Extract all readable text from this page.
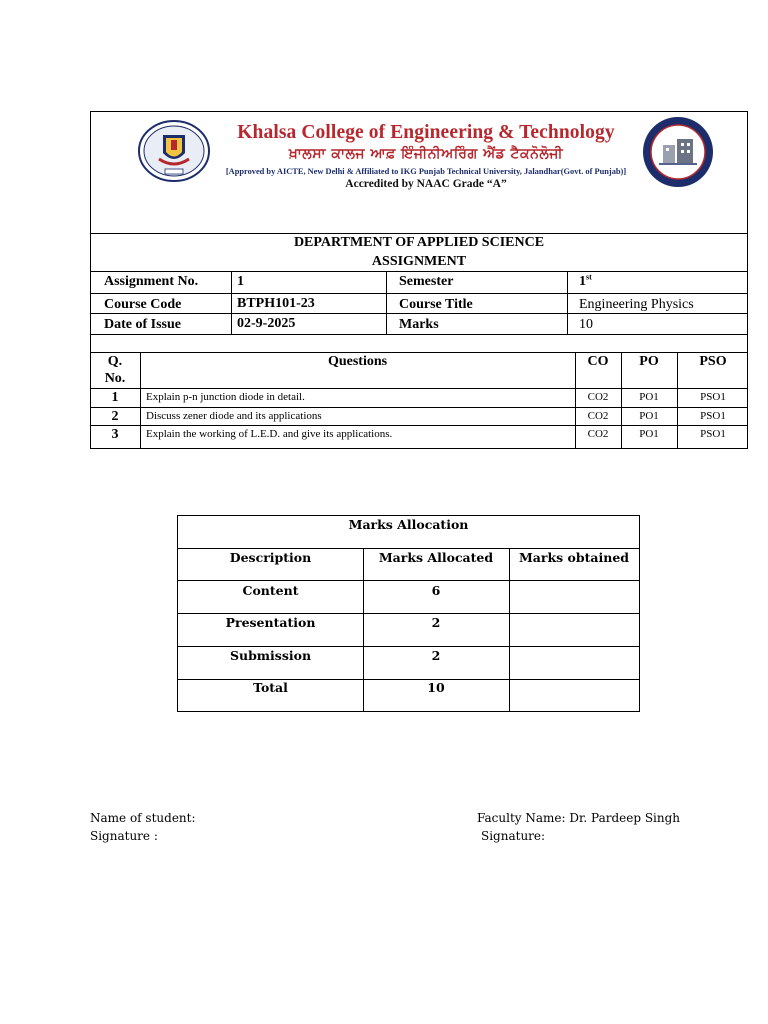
Khalsa College of Engineering & Technology
ਖ਼ਾਲਸਾ ਕਾਲਜ ਆਫ਼ ਇੰਜੀਨੀਅਰਿੰਗ ਐਂਡ ਟੈਕਨੋਲੋਜੀ
[Approved by AICTE, New Delhi & Affiliated to IKG Punjab Technical University, Jalandhar(Govt. of Punjab)]
Accredited by NAAC Grade “A”
DEPARTMENT OF APPLIED SCIENCE
ASSIGNMENT
Assignment No.	1	Semester	1st
Course Code	BTPH101-23	Course Title	Engineering Physics
Date of Issue	02-9-2025	Marks	10
Q.
No.
Questions	CO	PO	PSO
1	Explain p-n junction diode in detail.	CO2	PO1	PSO1
2	Discuss zener diode and its applications	CO2	PO1	PSO1
3	Explain the working of L.E.D. and give its applications.	CO2	PO1	PSO1
Marks Allocation
Description	Marks Allocated	Marks obtained
Content	6
Presentation	2
Submission	2
Total	10
Name of student:
Signature :
Faculty Name: Dr. Pardeep Singh
Signature:
